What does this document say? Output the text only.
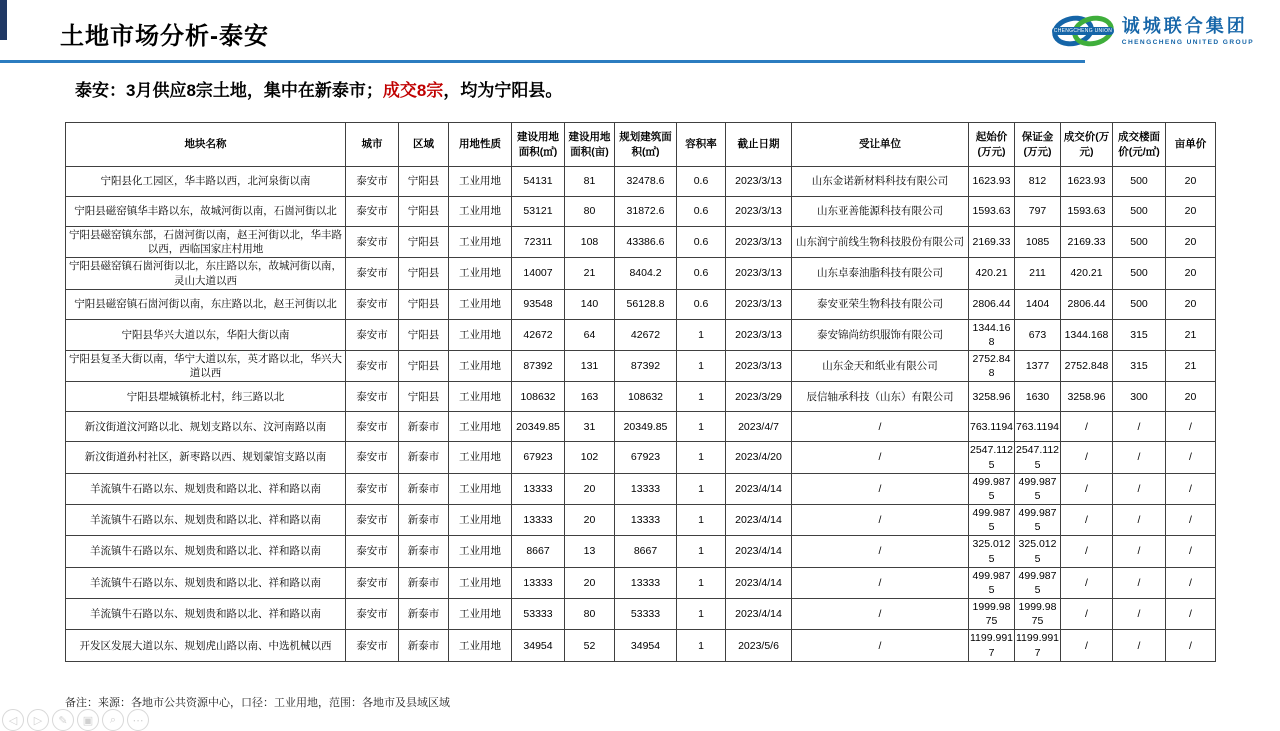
土地市场分析-泰安	CHENGCHENG UNION 诚城联合集团
CHENGCHENG UNITED GROUP
泰安：3月供应8宗土地，集中在新泰市；成交8宗，均为宁阳县。
地块名称	城市	区域	用地性质	建设用地面积(㎡)	建设用地面积(亩)	规划建筑面积(㎡)	容积率	截止日期	受让单位	起始价(万元)	保证金(万元)	成交价(万元)	成交楼面价(元/㎡)	亩单价
宁阳县化工园区，华丰路以西，北河泉街以南	泰安市	宁阳县	工业用地	54131	81	32478.6	0.6	2023/3/13	山东金诺新材料科技有限公司	1623.93	812	1623.93	500	20
宁阳县磁窑镇华丰路以东，故城河街以南，石崮河街以北	泰安市	宁阳县	工业用地	53121	80	31872.6	0.6	2023/3/13	山东亚善能源科技有限公司	1593.63	797	1593.63	500	20
宁阳县磁窑镇东部，石崮河街以南，赵王河街以北，华丰路以西，西临国家庄村用地	泰安市	宁阳县	工业用地	72311	108	43386.6	0.6	2023/3/13	山东润宁前线生物科技股份有限公司	2169.33	1085	2169.33	500	20
宁阳县磁窑镇石崮河街以北，东庄路以东，故城河街以南，灵山大道以西	泰安市	宁阳县	工业用地	14007	21	8404.2	0.6	2023/3/13	山东卓泰油脂科技有限公司	420.21	211	420.21	500	20
宁阳县磁窑镇石崮河街以南，东庄路以北，赵王河街以北	泰安市	宁阳县	工业用地	93548	140	56128.8	0.6	2023/3/13	泰安亚荣生物科技有限公司	2806.44	1404	2806.44	500	20
宁阳县华兴大道以东，华阳大街以南	泰安市	宁阳县	工业用地	42672	64	42672	1	2023/3/13	泰安锦尚纺织服饰有限公司	1344.168	673	1344.168	315	21
宁阳县复圣大街以南，华宁大道以东，英才路以北，华兴大道以西	泰安市	宁阳县	工业用地	87392	131	87392	1	2023/3/13	山东金天和纸业有限公司	2752.848	1377	2752.848	315	21
宁阳县堽城镇桥北村，纬三路以北	泰安市	宁阳县	工业用地	108632	163	108632	1	2023/3/29	辰信轴承科技（山东）有限公司	3258.96	1630	3258.96	300	20
新汶街道汶河路以北、规划支路以东、汶河南路以南	泰安市	新泰市	工业用地	20349.85	31	20349.85	1	2023/4/7	/	763.1194	763.1194	/	/	/
新汶街道孙村社区，新枣路以西、规划蒙馆支路以南	泰安市	新泰市	工业用地	67923	102	67923	1	2023/4/20	/	2547.1125	2547.1125	/	/	/
羊流镇牛石路以东、规划贵和路以北、祥和路以南	泰安市	新泰市	工业用地	13333	20	13333	1	2023/4/14	/	499.9875	499.9875	/	/	/
羊流镇牛石路以东、规划贵和路以北、祥和路以南	泰安市	新泰市	工业用地	13333	20	13333	1	2023/4/14	/	499.9875	499.9875	/	/	/
羊流镇牛石路以东、规划贵和路以北、祥和路以南	泰安市	新泰市	工业用地	8667	13	8667	1	2023/4/14	/	325.0125	325.0125	/	/	/
羊流镇牛石路以东、规划贵和路以北、祥和路以南	泰安市	新泰市	工业用地	13333	20	13333	1	2023/4/14	/	499.9875	499.9875	/	/	/
羊流镇牛石路以东、规划贵和路以北、祥和路以南	泰安市	新泰市	工业用地	53333	80	53333	1	2023/4/14	/	1999.9875	1999.9875	/	/	/
开发区发展大道以东、规划虎山路以南、中选机械以西	泰安市	新泰市	工业用地	34954	52	34954	1	2023/5/6	/	1199.9917	1199.9917	/	/	/
备注：来源：各地市公共资源中心，口径：工业用地，范围：各地市及县域区域
◁	▷	✎	▣	⌕	⋯
